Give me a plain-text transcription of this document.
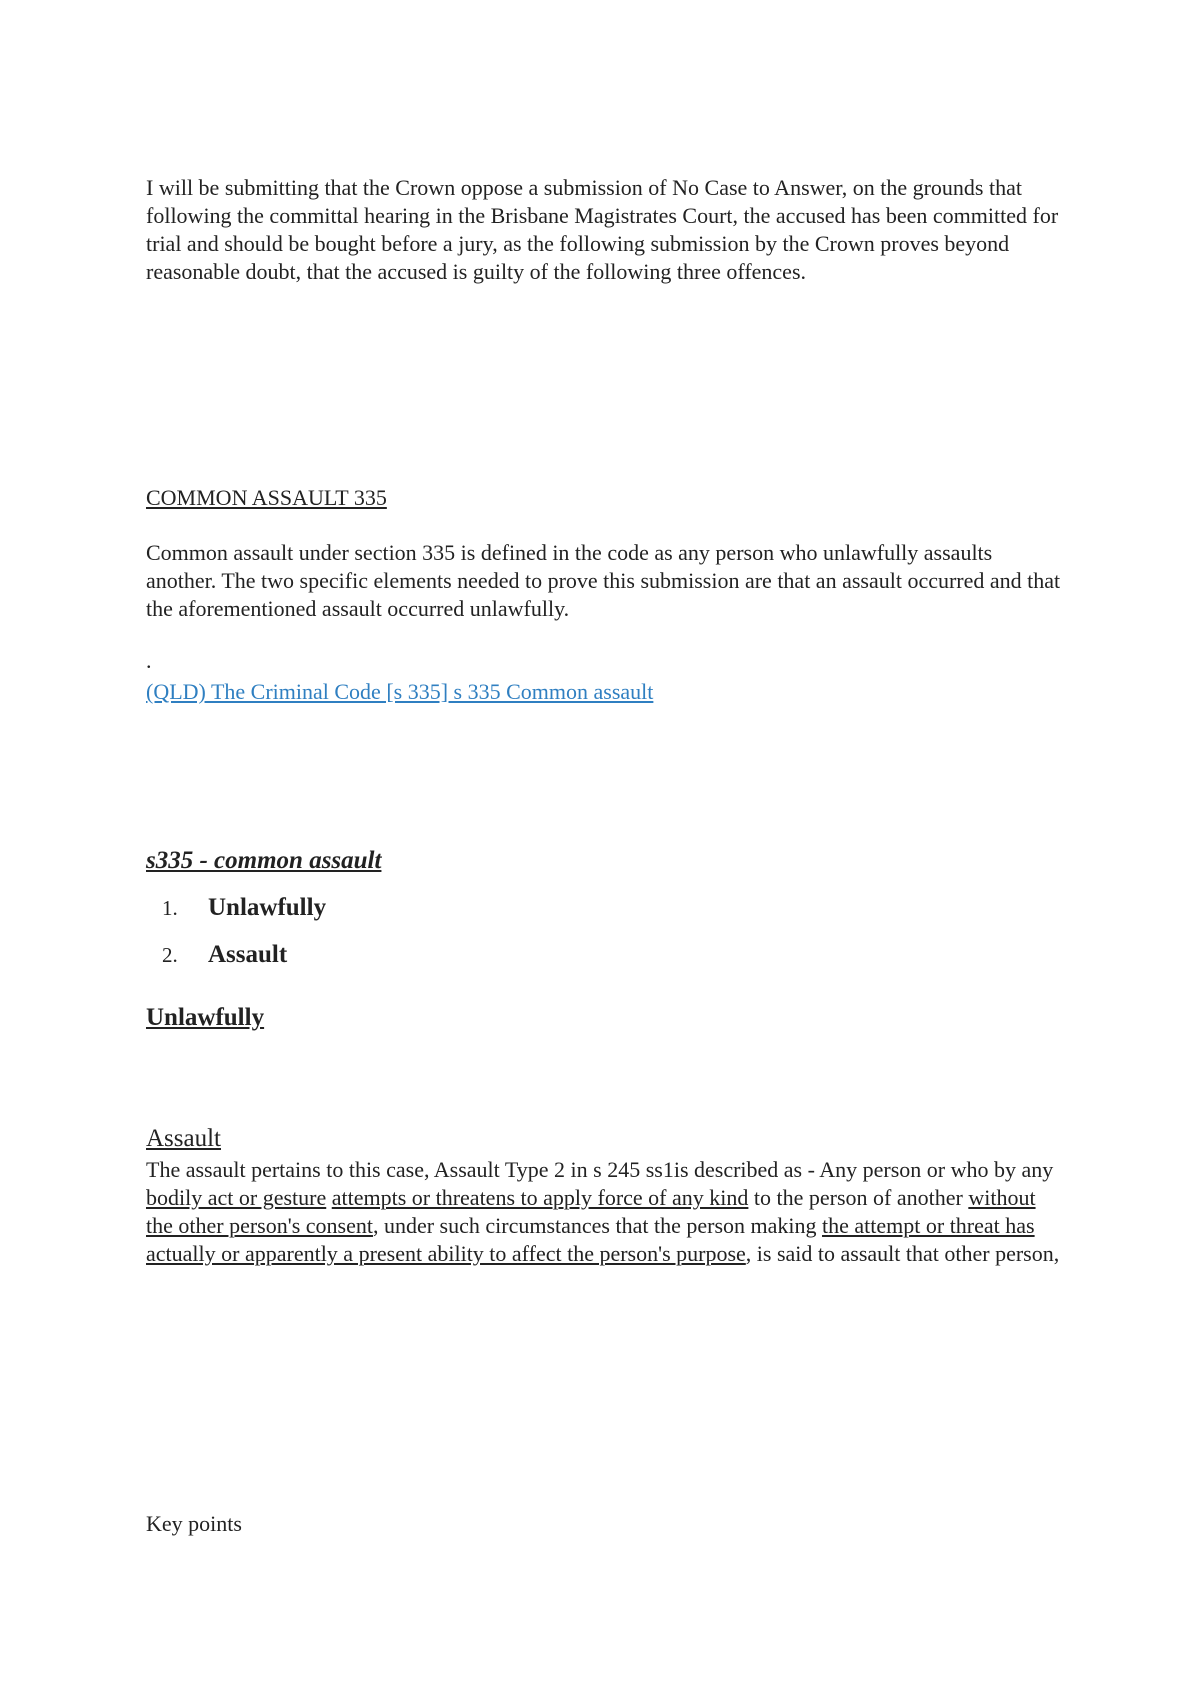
I will be submitting that the Crown oppose a submission of No Case to Answer, on the grounds that following the committal hearing in the Brisbane Magistrates Court, the accused has been committed for trial and should be bought before a jury, as the following submission by the Crown proves beyond reasonable doubt, that the accused is guilty of the following three offences.

COMMON ASSAULT 335

Common assault under section 335 is defined in the code as any person who unlawfully assaults another. The two specific elements needed to prove this submission are that an assault occurred and that the aforementioned assault occurred unlawfully.

.

(QLD) The Criminal Code [s 335] s 335 Common assault

s335 - common assault

1. Unlawfully
2. Assault

Unlawfully

Assault

The assault pertains to this case, Assault Type 2 in s 245 ss1is described as - Any person or who by any bodily act or gesture attempts or threatens to apply force of any kind to the person of another without the other person's consent, under such circumstances that the person making the attempt or threat has actually or apparently a present ability to affect the person's purpose, is said to assault that other person,

Key points
